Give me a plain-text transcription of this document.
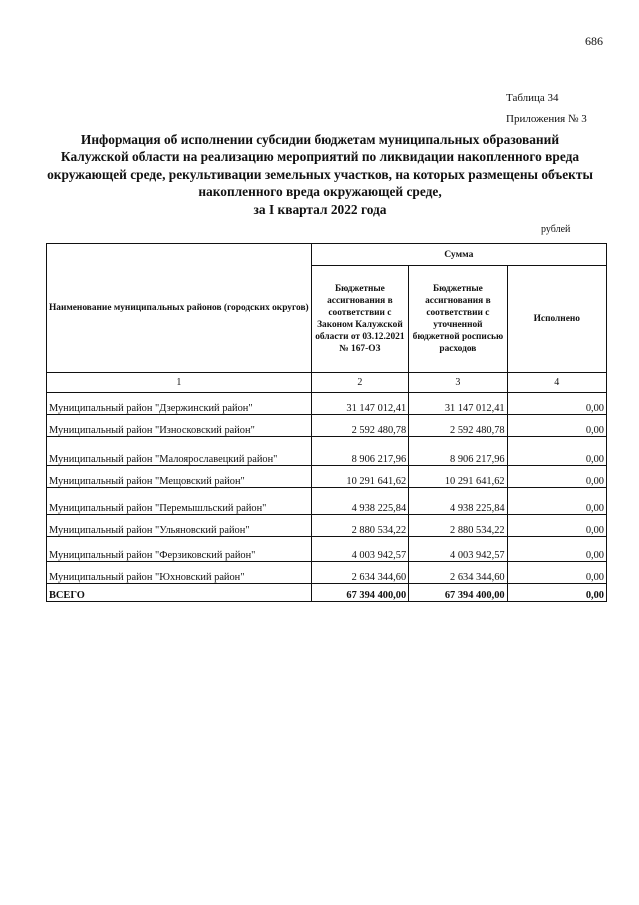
686
Таблица 34
Приложения № 3
Информация об исполнении субсидии бюджетам муниципальных образований
Калужской области на реализацию мероприятий по ликвидации накопленного вреда
окружающей среде, рекультивации земельных участков, на которых размещены объекты
накопленного вреда окружающей среде,
за I квартал 2022 года
рублей
Наименование муниципальных районов (городских округов)	Сумма		
	Бюджетные ассигнования в соответствии с Законом Калужской области от 03.12.2021 № 167-ОЗ	Бюджетные ассигнования в соответствии с уточненной бюджетной росписью расходов	Исполнено
1	2	3	4
Муниципальный район "Дзержинский район"	31 147 012,41	31 147 012,41	0,00
Муниципальный район "Износковский район"	2 592 480,78	2 592 480,78	0,00
Муниципальный район "Малоярославецкий район"	8 906 217,96	8 906 217,96	0,00
Муниципальный район "Мещовский район"	10 291 641,62	10 291 641,62	0,00
Муниципальный район "Перемышльский район"	4 938 225,84	4 938 225,84	0,00
Муниципальный район "Ульяновский район"	2 880 534,22	2 880 534,22	0,00
Муниципальный район "Ферзиковский район"	4 003 942,57	4 003 942,57	0,00
Муниципальный район "Юхновский район"	2 634 344,60	2 634 344,60	0,00
ВСЕГО	67 394 400,00	67 394 400,00	0,00
